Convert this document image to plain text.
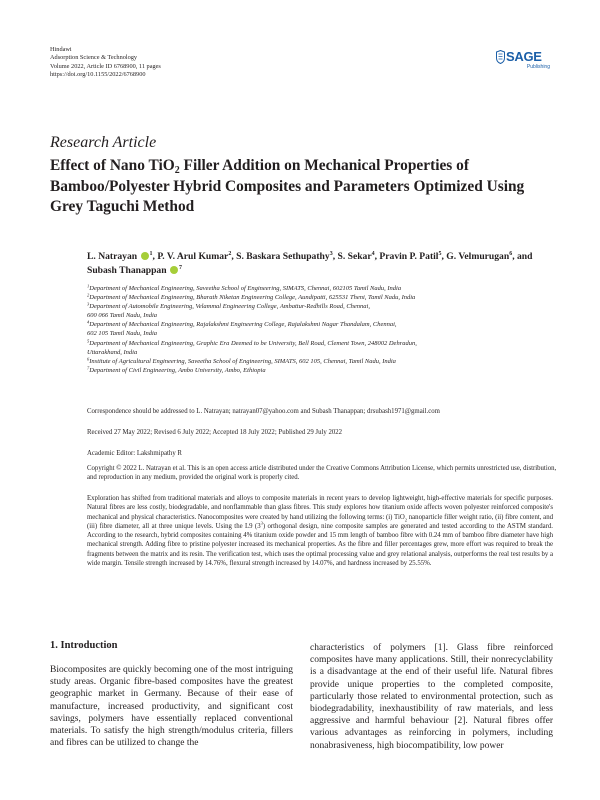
Hindawi
Adsorption Science & Technology
Volume 2022, Article ID 6768900, 11 pages
https://doi.org/10.1155/2022/6768900
SAGE
Publishing
Research Article
Effect of Nano TiO$_2$ Filler Addition on Mechanical Properties of Bamboo/Polyester Hybrid Composites and Parameters Optimized Using Grey Taguchi Method
L. Natrayan $^1$, P. V. Arul Kumar$^2$, S. Baskara Sethupathy$^3$, S. Sekar$^4$, Pravin P. Patil$^5$, G. Velmurugan$^6$, and Subash Thanappan $^7$
$^1$Department of Mechanical Engineering, Saveetha School of Engineering, SIMATS, Chennai, 602105 Tamil Nadu, India
$^2$Department of Mechanical Engineering, Bharath Niketan Engineering College, Aundipatti, 625531 Theni, Tamil Nadu, India
$^3$Department of Automobile Engineering, Velammal Engineering College, Ambattur-Redhills Road, Chennai,
600 066 Tamil Nadu, India
$^4$Department of Mechanical Engineering, Rajalakshmi Engineering College, Rajalakshmi Nagar Thandalam, Chennai,
602 105 Tamil Nadu, India
$^5$Department of Mechanical Engineering, Graphic Era Deemed to be University, Bell Road, Clement Town, 248002 Dehradun,
Uttarakhand, India
$^6$Institute of Agricultural Engineering, Saveetha School of Engineering, SIMATS, 602 105, Chennai, Tamil Nadu, India
$^7$Department of Civil Engineering, Ambo University, Ambo, Ethiopia
Correspondence should be addressed to L. Natrayan; natrayan07@yahoo.com and Subash Thanappan; drsubash1971@gmail.com
Received 27 May 2022; Revised 6 July 2022; Accepted 18 July 2022; Published 29 July 2022
Academic Editor: Lakshmipathy R
Copyright © 2022 L. Natrayan et al. This is an open access article distributed under the Creative Commons Attribution License, which permits unrestricted use, distribution, and reproduction in any medium, provided the original work is properly cited.
Exploration has shifted from traditional materials and alloys to composite materials in recent years to develop lightweight, high-effective materials for specific purposes. Natural fibres are less costly, biodegradable, and nonflammable than glass fibres. This study explores how titanium oxide affects woven polyester reinforced composite's mechanical and physical characteristics. Nanocomposites were created by hand utilizing the following terms: (i) TiO$_2$ nanoparticle filler weight ratio, (ii) fibre content, and (iii) fibre diameter, all at three unique levels. Using the L9 $(3^3)$ orthogonal design, nine composite samples are generated and tested according to the ASTM standard. According to the research, hybrid composites containing 4% titanium oxide powder and 15 mm length of bamboo fibre with 0.24 mm of bamboo fibre diameter have high mechanical strength. Adding fibre to pristine polyester increased its mechanical properties. As the fibre and filler percentages grew, more effort was required to break the fragments between the matrix and its resin. The verification test, which uses the optimal processing value and grey relational analysis, outperforms the real test results by a wide margin. Tensile strength increased by 14.76%, flexural strength increased by 14.07%, and hardness increased by 25.55%.
1. Introduction
Biocomposites are quickly becoming one of the most intriguing study areas. Organic fibre-based composites have the greatest geographic market in Germany. Because of their ease of manufacture, increased productivity, and significant cost savings, polymers have essentially replaced conventional materials. To satisfy the high strength/modulus criteria, fillers and fibres can be utilized to change the
characteristics of polymers [1]. Glass fibre reinforced composites have many applications. Still, their nonrecyclability is a disadvantage at the end of their useful life. Natural fibres provide unique properties to the completed composite, particularly those related to environmental protection, such as biodegradability, inexhaustibility of raw materials, and less aggressive and harmful behaviour [2]. Natural fibres offer various advantages as reinforcing in polymers, including nonabrasiveness, high biocompatibility, low power
